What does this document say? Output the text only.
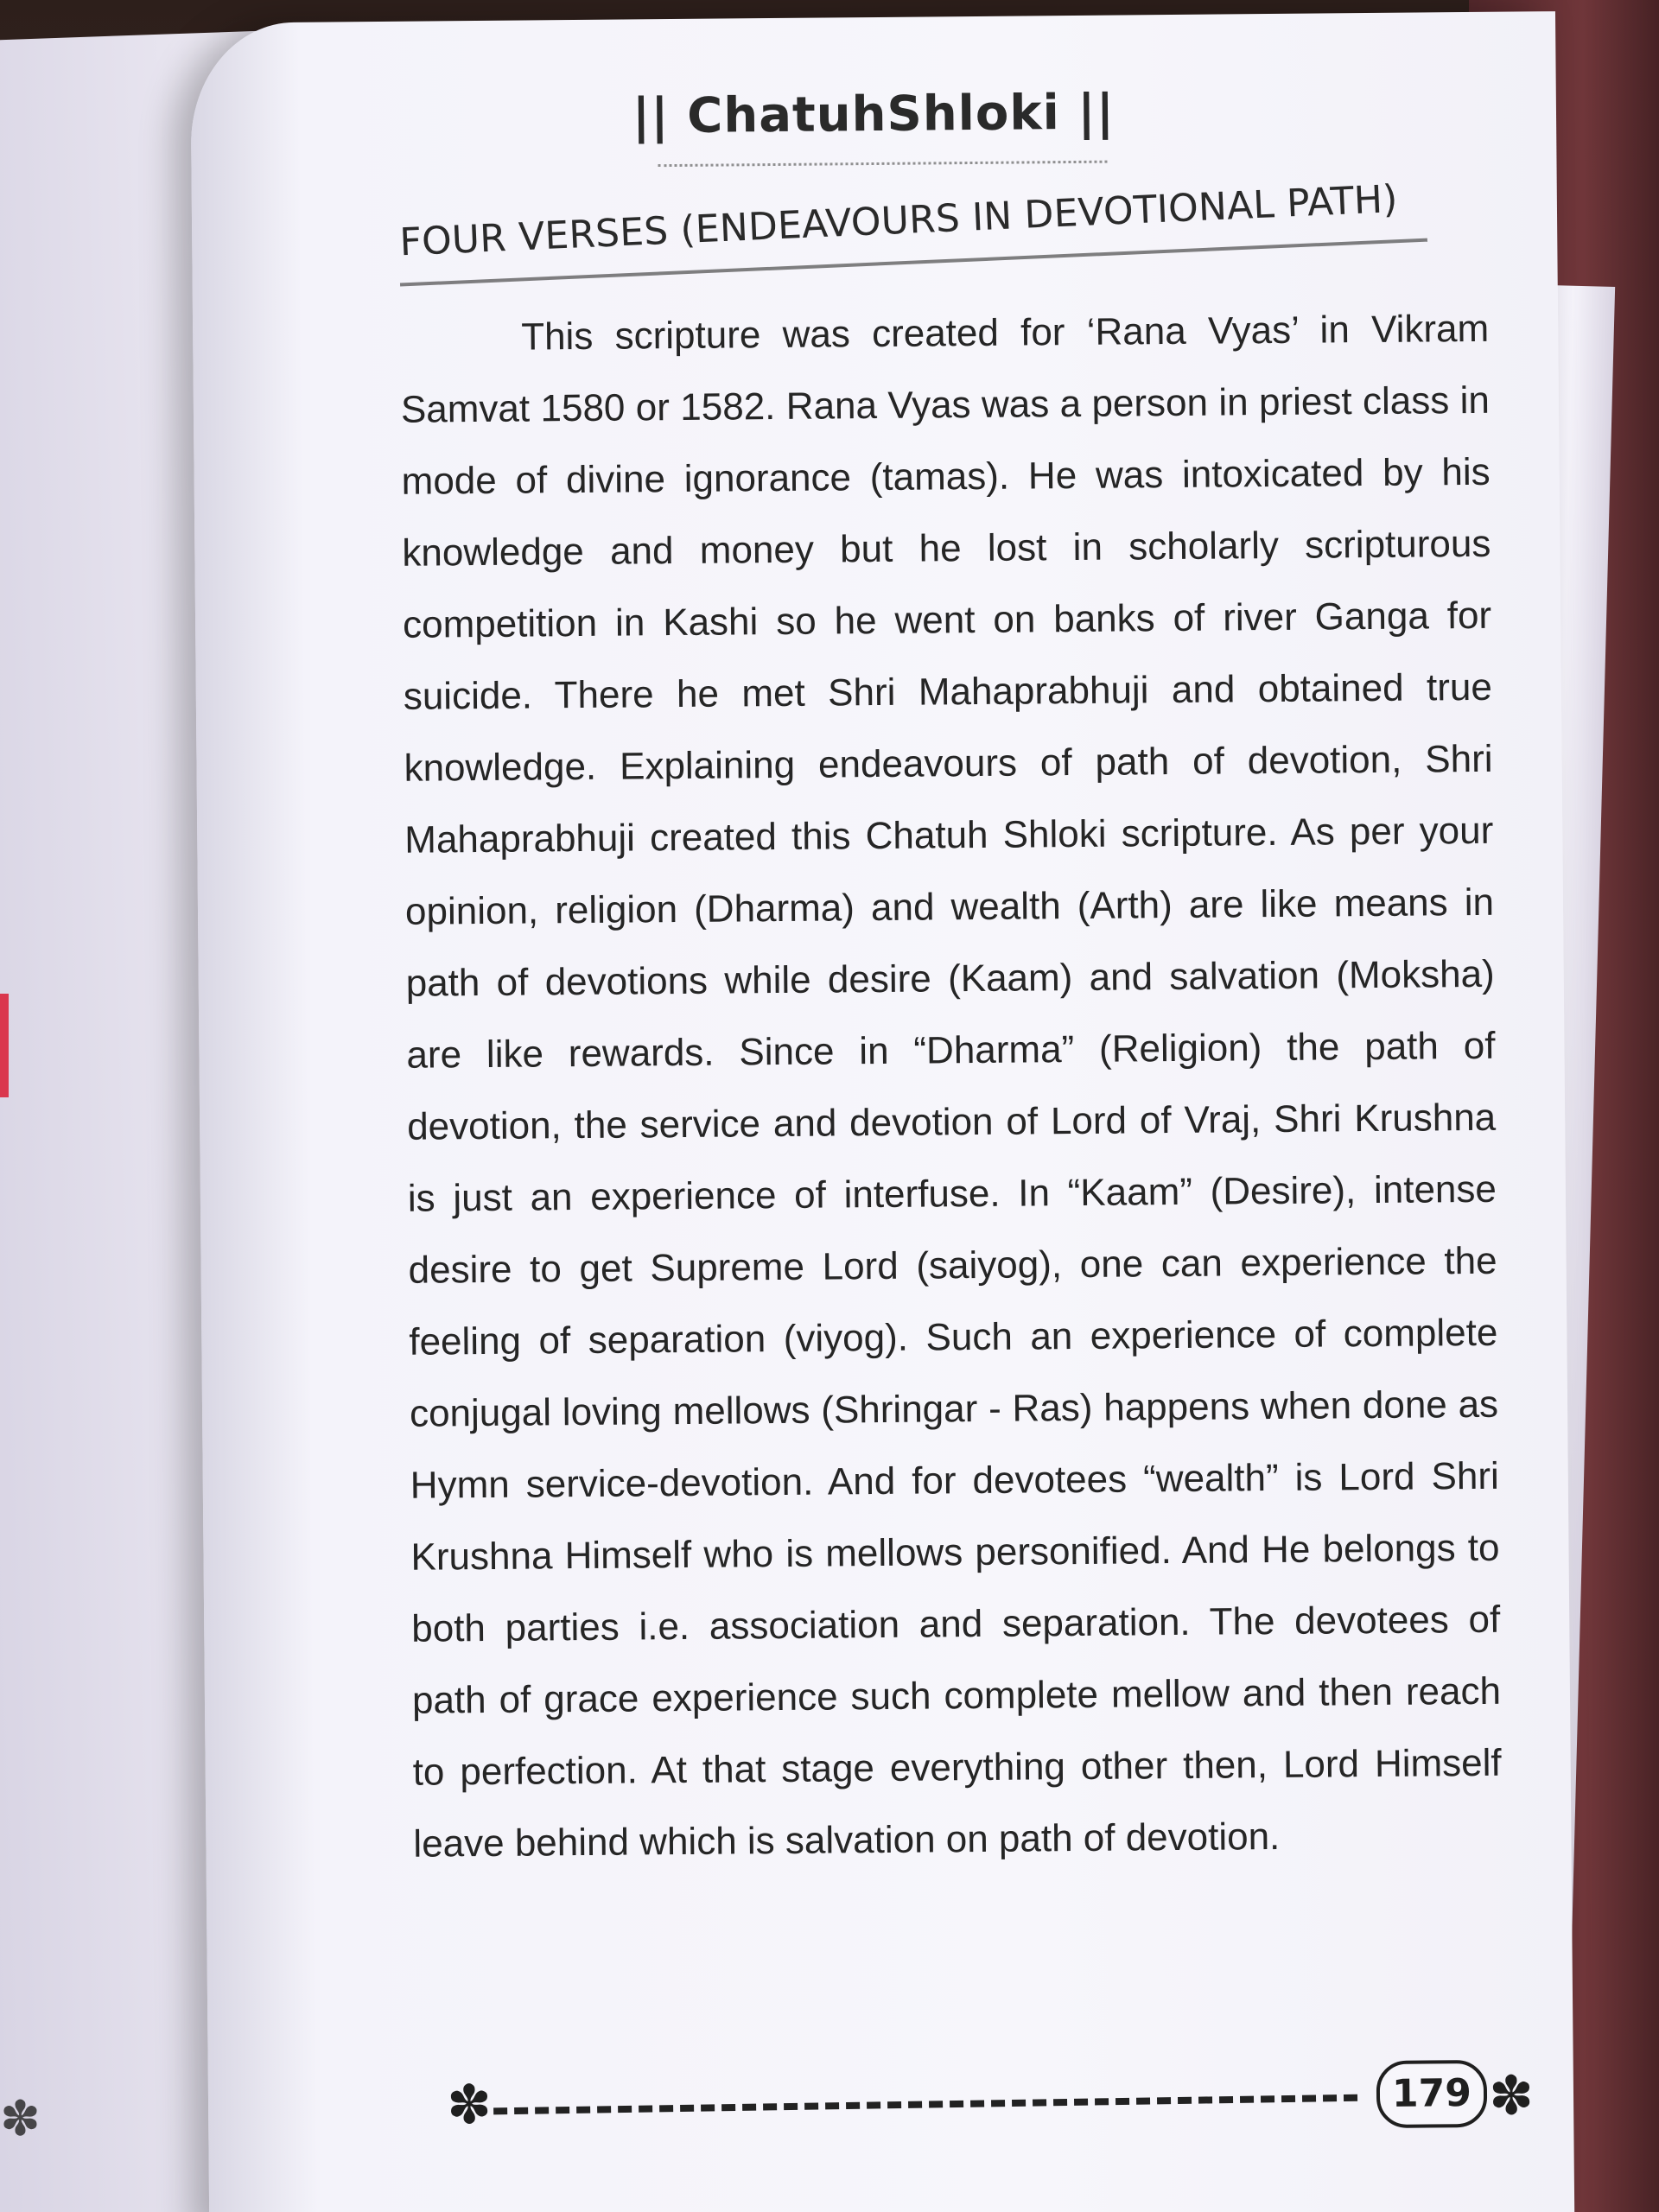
|| ChatuhShloki ||
FOUR VERSES (ENDEAVOURS IN DEVOTIONAL PATH)
This scripture was created for ‘Rana Vyas’ in Vikram Samvat 1580 or 1582. Rana Vyas was a person in priest class in mode of divine ignorance (tamas). He was intoxicated by his knowledge and money but he lost in scholarly scripturous competition in Kashi so he went on banks of river Ganga for suicide. There he met Shri Mahaprabhuji and obtained true knowledge. Explaining endeavours of path of devotion, Shri Mahaprabhuji created this Chatuh Shloki scripture. As per your opinion, religion (Dharma) and wealth (Arth) are like means in path of devotions while desire (Kaam) and salvation (Moksha) are like rewards. Since in “Dharma” (Religion) the path of devotion, the service and devotion of Lord of Vraj, Shri Krushna is just an experience of interfuse. In “Kaam” (Desire), intense desire to get Supreme Lord (saiyog), one can experience the feeling of separation (viyog). Such an experience of complete conjugal loving mellows (Shringar - Ras) happens when done as Hymn service-devotion. And for devotees “wealth” is Lord Shri Krushna Himself who is mellows personified. And He belongs to both parties i.e. association and separation. The devotees of path of grace experience such complete mellow and then reach to perfection. At that stage everything other then, Lord Himself leave behind which is salvation on path of devotion.
✽	179 ✽
✽
